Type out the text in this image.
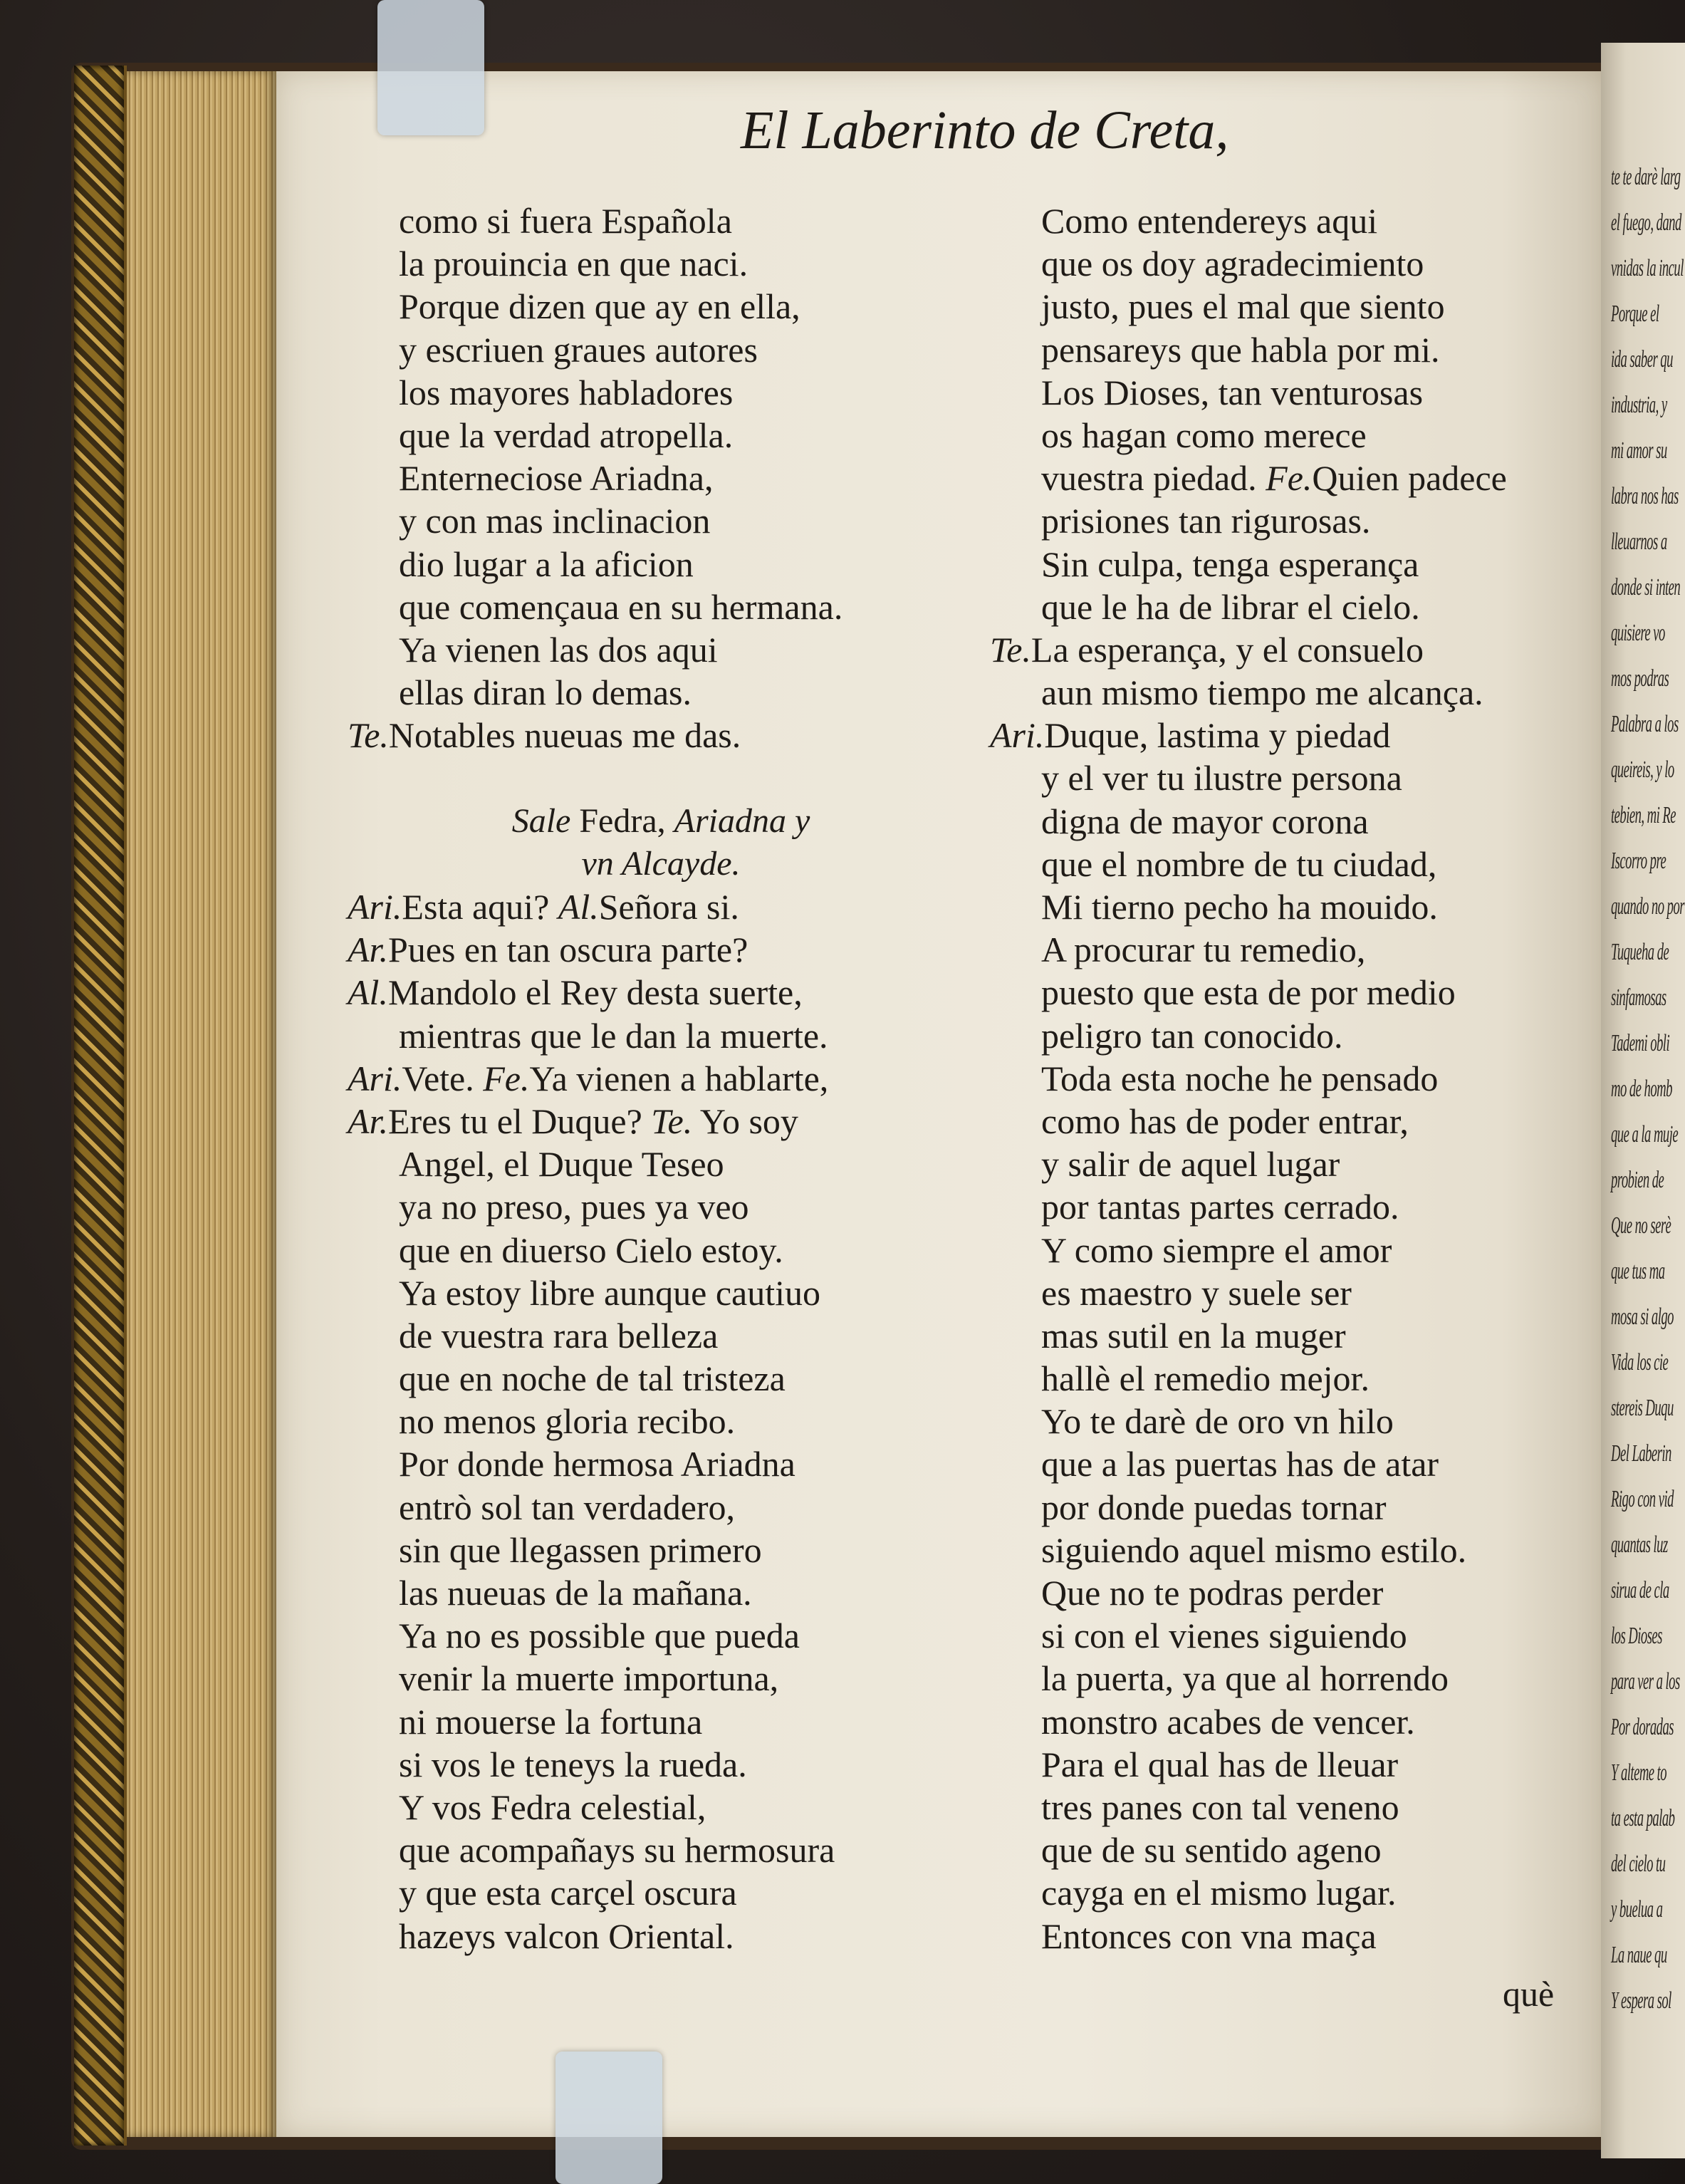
te te darè larg
el fuego, dand
vnidas la incul
Porque el
ida saber qu
industria, y
mi amor su
labra nos has
lleuarnos a
donde si inten
quisiere vo
mos podras
Palabra a los
queireis, y lo
tebien, mi Re
Iscorro pre
quando no por
Tuqueha de
sinfamosas
Tademi obli
mo de homb
que a la muje
probien de
Que no serè
que tus ma
mosa si algo
Vida los cie
stereis Duqu
Del Laberin
Rigo con vid
quantas luz
sirua de cla
los Dioses
para ver a los
Por doradas
Y alteme to
ta esta palab
del cielo tu
y buelua a
La naue qu
Y espera sol
El Laberinto de Creta,
como si fuera Española
la prouincia en que naci.
Porque dizen que ay en ella,
y escriuen graues autores
los mayores habladores
que la verdad atropella.
Enterneciose Ariadna,
y con mas inclinacion
dio lugar a la aficion
que començaua en su hermana.
Ya vienen las dos aqui
ellas diran lo demas.
Te.Notables nueuas me das.
Sale Fedra, Ariadna y
vn Alcayde.
Ari.Esta aqui? Al.Señora si.
Ar.Pues en tan oscura parte?
Al.Mandolo el Rey desta suerte,
mientras que le dan la muerte.
Ari.Vete. Fe.Ya vienen a hablarte,
Ar.Eres tu el Duque? Te. Yo soy
Angel, el Duque Teseo
ya no preso, pues ya veo
que en diuerso Cielo estoy.
Ya estoy libre aunque cautiuo
de vuestra rara belleza
que en noche de tal tristeza
no menos gloria recibo.
Por donde hermosa Ariadna
entrò sol tan verdadero,
sin que llegassen primero
las nueuas de la mañana.
Ya no es possible que pueda
venir la muerte importuna,
ni mouerse la fortuna
si vos le teneys la rueda.
Y vos Fedra celestial,
que acompañays su hermosura
y que esta carçel oscura
hazeys valcon Oriental.
Como entendereys aqui
que os doy agradecimiento
justo, pues el mal que siento
pensareys que habla por mi.
Los Dioses, tan venturosas
os hagan como merece
vuestra piedad. Fe.Quien padece
prisiones tan rigurosas.
Sin culpa, tenga esperança
que le ha de librar el cielo.
Te.La esperança, y el consuelo
aun mismo tiempo me alcança.
Ari.Duque, lastima y piedad
y el ver tu ilustre persona
digna de mayor corona
que el nombre de tu ciudad,
Mi tierno pecho ha mouido.
A procurar tu remedio,
puesto que esta de por medio
peligro tan conocido.
Toda esta noche he pensado
como has de poder entrar,
y salir de aquel lugar
por tantas partes cerrado.
Y como siempre el amor
es maestro y suele ser
mas sutil en la muger
hallè el remedio mejor.
Yo te darè de oro vn hilo
que a las puertas has de atar
por donde puedas tornar
siguiendo aquel mismo estilo.
Que no te podras perder
si con el vienes siguiendo
la puerta, ya que al horrendo
monstro acabes de vencer.
Para el qual has de lleuar
tres panes con tal veneno
que de su sentido ageno
cayga en el mismo lugar.
Entonces con vna maça
què
